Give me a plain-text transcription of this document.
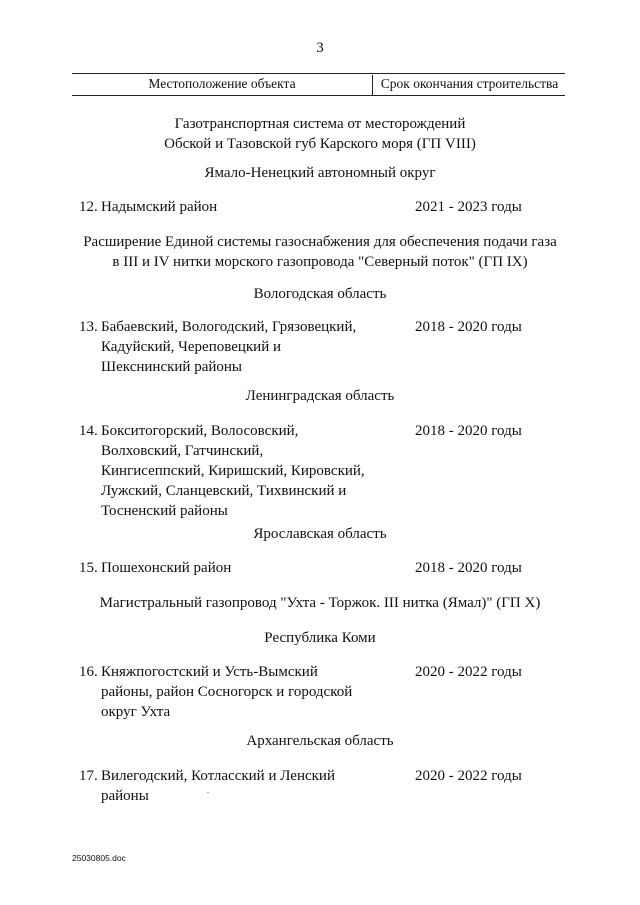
3
Местоположение объекта	Срок окончания строительства
Газотранспортная система от месторождений
Обской и Тазовской губ Карского моря (ГП VIII)
Ямало-Ненецкий автономный округ
12. Надымский район	2021 - 2023 годы
Расширение Единой системы газоснабжения для обеспечения подачи газа
в III и IV нитки морского газопровода "Северный поток" (ГП IX)
Вологодская область
13. Бабаевский, Вологодский, Грязовецкий,
Кадуйский, Череповецкий и
Шекснинский районы
2018 - 2020 годы
Ленинградская область
14. Бокситогорский, Волосовский,
Волховский, Гатчинский,
Кингисеппский, Киришский, Кировский,
Лужский, Сланцевский, Тихвинский и
Тосненский районы
2018 - 2020 годы
Ярославская область
15. Пошехонский район	2018 - 2020 годы
Магистральный газопровод "Ухта - Торжок. III нитка (Ямал)" (ГП X)
Республика Коми
16. Княжпогостский и Усть-Вымский
районы, район Сосногорск и городской
округ Ухта
2020 - 2022 годы
Архангельская область
17. Вилегодский, Котласский и Ленский
районы
2020 - 2022 годы
25030805.doc
